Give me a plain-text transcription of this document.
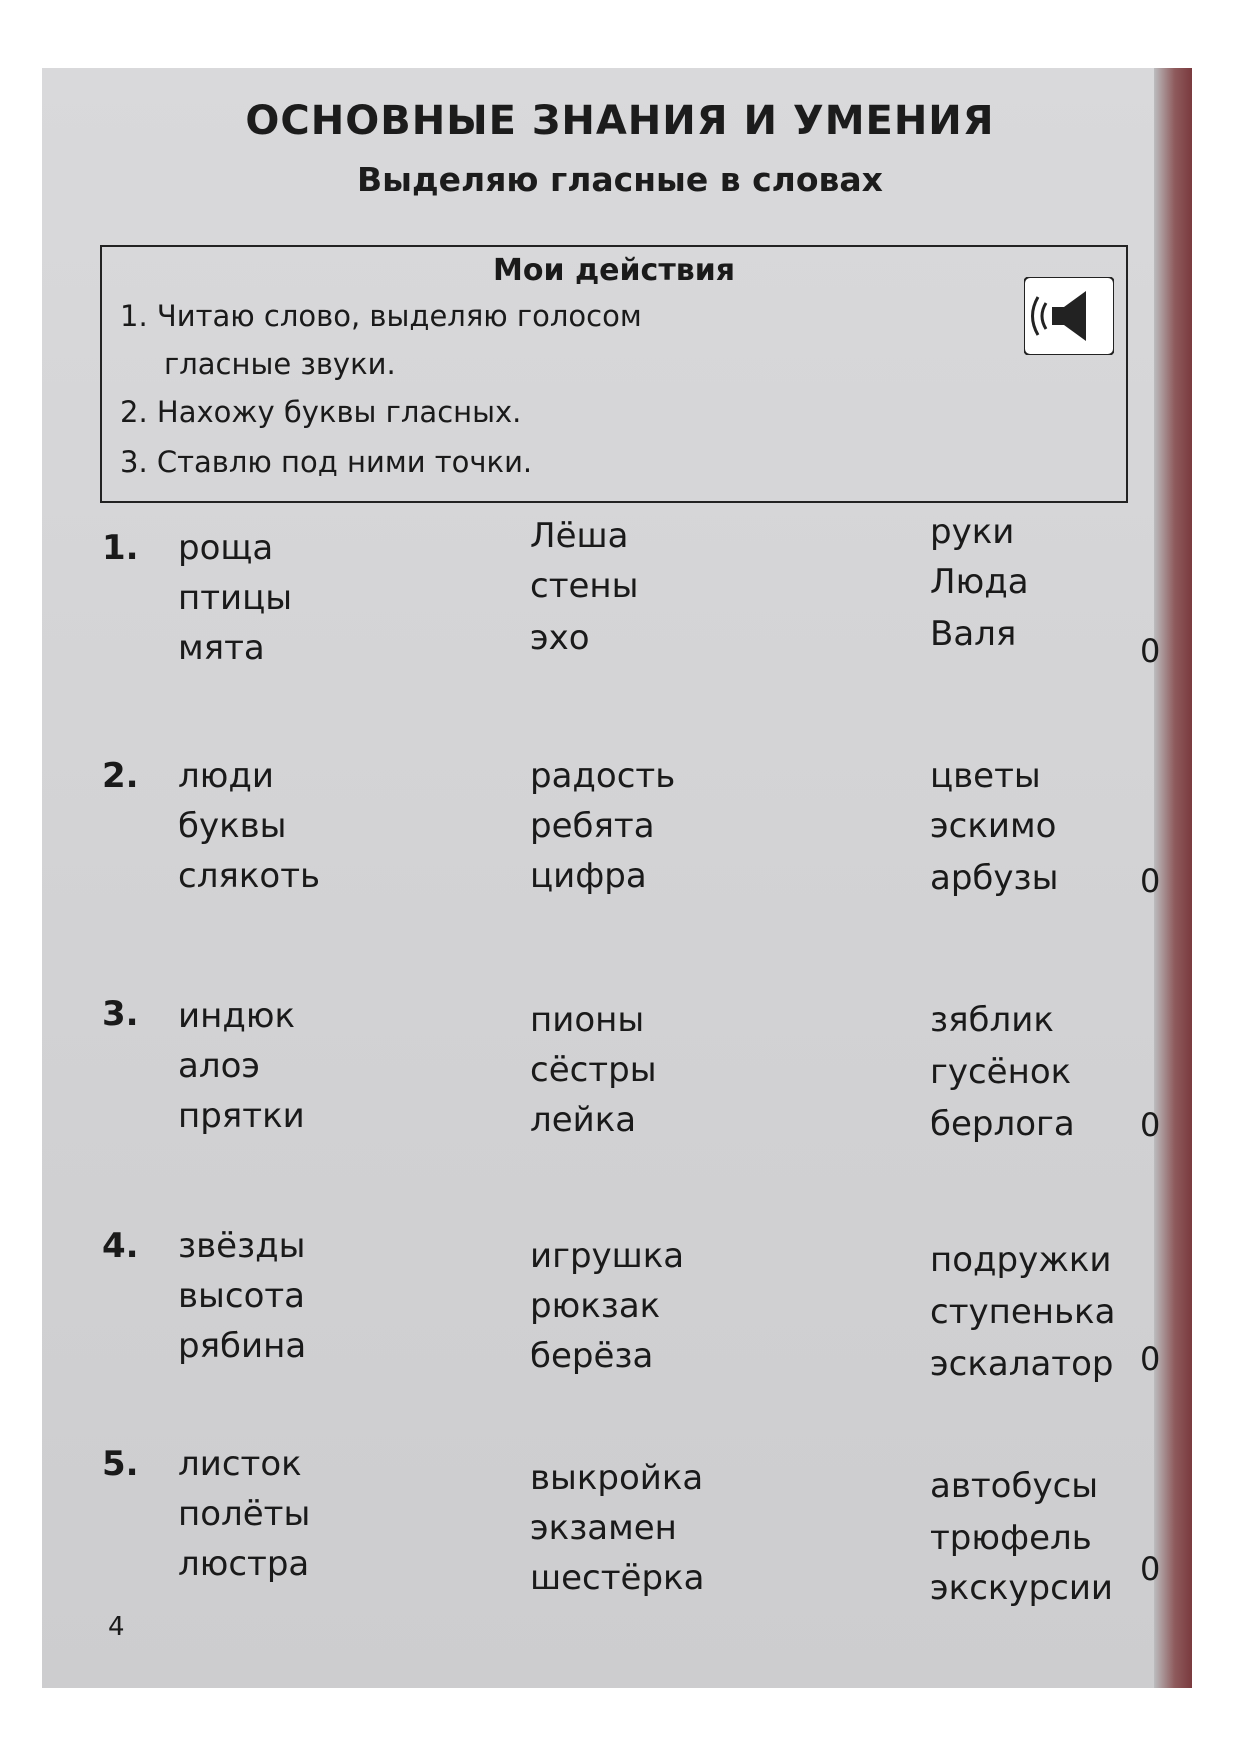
ОСНОВНЫЕ ЗНАНИЯ И УМЕНИЯ
Выделяю гласные в словах
Мои действия
1. Читаю слово, выделяю голосом
гласные звуки.
2. Нахожу буквы гласных.
3. Ставлю под ними точки.
1. роща
птицы
мята
Лёша
стены
эхо
руки
Люда
Валя	0
2. люди
буквы
слякоть
радость
ребята
цифра
цветы
эскимо
арбузы	0
3. индюк
алоэ
прятки
пионы
сёстры
лейка
зяблик
гусёнок
берлога 0
4. звёзды
высота
рябина
игрушка
рюкзак
берёза
подружки
ступенька
эскалатор 0
5. листок
полёты
люстра
выкройка
экзамен
шестёрка
автобусы
трюфель
экскурсии 0
4
